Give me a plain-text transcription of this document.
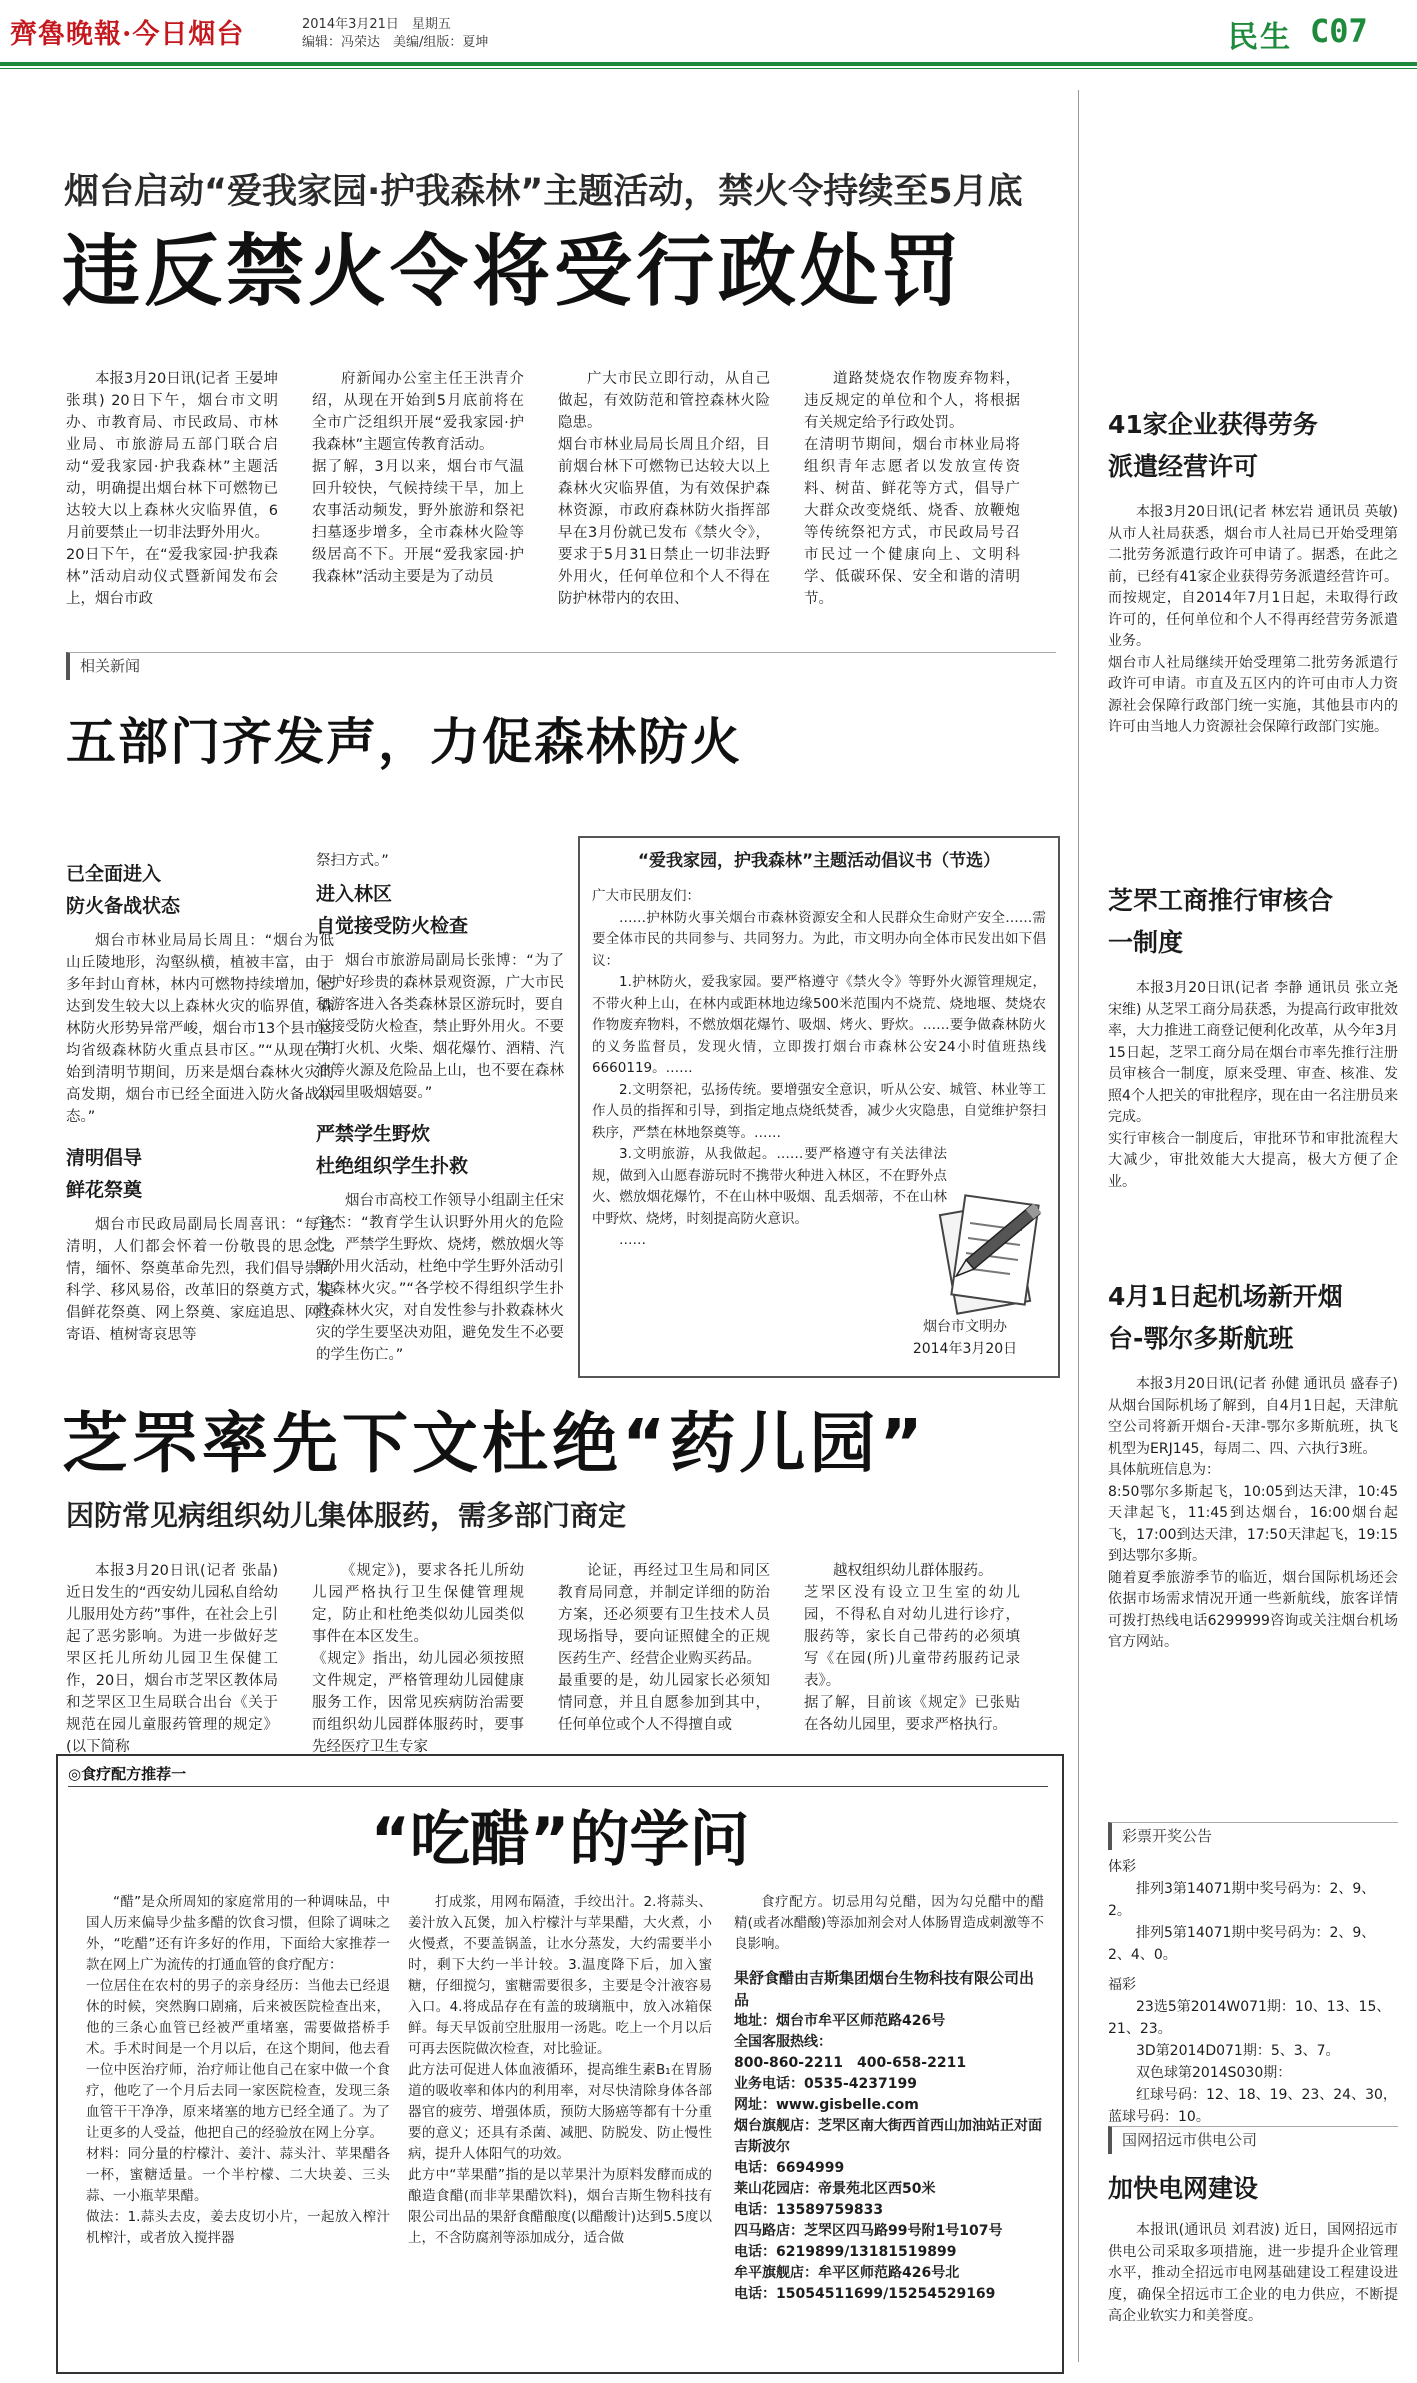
齊魯晚報·今日烟台	2014年3月21日　星期五
编辑：冯荣达　美编/组版：夏坤	民生 C07
烟台启动“爱我家园·护我森林”主题活动，禁火令持续至5月底
违反禁火令将受行政处罚
本报3月20日讯(记者 王晏坤 张琪) 20日下午，烟台市文明办、市教育局、市民政局、市林业局、市旅游局五部门联合启动“爱我家园·护我森林”主题活动，明确提出烟台林下可燃物已达较大以上森林火灾临界值，6月前要禁止一切非法野外用火。
20日下午，在“爱我家园·护我森林”活动启动仪式暨新闻发布会上，烟台市政
府新闻办公室主任王洪青介绍，从现在开始到5月底前将在全市广泛组织开展“爱我家园·护我森林”主题宣传教育活动。
据了解，3月以来，烟台市气温回升较快，气候持续干旱，加上农事活动频发，野外旅游和祭祀扫墓逐步增多，全市森林火险等级居高不下。开展“爱我家园·护我森林”活动主要是为了动员
广大市民立即行动，从自己做起，有效防范和管控森林火险隐患。
烟台市林业局局长周且介绍，目前烟台林下可燃物已达较大以上森林火灾临界值，为有效保护森林资源，市政府森林防火指挥部早在3月份就已发布《禁火令》，要求于5月31日禁止一切非法野外用火，任何单位和个人不得在防护林带内的农田、
道路焚烧农作物废弃物料，违反规定的单位和个人，将根据有关规定给予行政处罚。
在清明节期间，烟台市林业局将组织青年志愿者以发放宣传资料、树苗、鲜花等方式，倡导广大群众改变烧纸、烧香、放鞭炮等传统祭祀方式，市民政局号召市民过一个健康向上、文明科学、低碳环保、安全和谐的清明节。
相关新闻
五部门齐发声，力促森林防火
已全面进入
防火备战状态
烟台市林业局局长周且：“烟台为低山丘陵地形，沟壑纵横，植被丰富，由于多年封山育林，林内可燃物持续增加，已达到发生较大以上森林火灾的临界值，森林防火形势异常严峻，烟台市13个县市区均省级森林防火重点县市区。”“从现在开始到清明节期间，历来是烟台森林火灾的高发期，烟台市已经全面进入防火备战状态。”
清明倡导
鲜花祭奠
烟台市民政局副局长周喜讯：“每逢清明，人们都会怀着一份敬畏的思念之情，缅怀、祭奠革命先烈，我们倡导崇尚科学、移风易俗，改革旧的祭奠方式，提倡鲜花祭奠、网上祭奠、家庭追思、网上寄语、植树寄哀思等
祭扫方式。”
进入林区
自觉接受防火检查
烟台市旅游局副局长张博：“为了保护好珍贵的森林景观资源，广大市民和游客进入各类森林景区游玩时，要自觉接受防火检查，禁止野外用火。不要带打火机、火柴、烟花爆竹、酒精、汽油等火源及危险品上山，也不要在森林公园里吸烟嬉耍。”
严禁学生野炊
杜绝组织学生扑救
烟台市高校工作领导小组副主任宋宇杰：“教育学生认识野外用火的危险性，严禁学生野炊、烧烤，燃放烟火等野外用火活动，杜绝中学生野外活动引发森林火灾。”“各学校不得组织学生扑救森林火灾，对自发性参与扑救森林火灾的学生要坚决劝阻，避免发生不必要的学生伤亡。”
“爱我家园，护我森林”主题活动倡议书（节选）
广大市民朋友们：
……护林防火事关烟台市森林资源安全和人民群众生命财产安全……需要全体市民的共同参与、共同努力。为此，市文明办向全体市民发出如下倡议：
1.护林防火，爱我家园。要严格遵守《禁火令》等野外火源管理规定，不带火种上山，在林内或距林地边缘500米范围内不烧荒、烧地堰、焚烧农作物废弃物料，不燃放烟花爆竹、吸烟、烤火、野炊。……要争做森林防火的义务监督员，发现火情，立即拨打烟台市森林公安24小时值班热线6660119。……
2.文明祭祀，弘扬传统。要增强安全意识，听从公安、城管、林业等工作人员的指挥和引导，到指定地点烧纸焚香，减少火灾隐患，自觉维护祭扫秩序，严禁在林地祭奠等。……
3.文明旅游，从我做起。……要严格遵守有关法律法规，做到入山愿春游玩时不携带火种进入林区，不在野外点火、燃放烟花爆竹，不在山林中吸烟、乱丢烟蒂，不在山林中野炊、烧烤，时刻提高防火意识。
……
烟台市文明办
2014年3月20日
芝罘率先下文杜绝“药儿园”
因防常见病组织幼儿集体服药，需多部门商定
本报3月20日讯(记者 张晶) 近日发生的“西安幼儿园私自给幼儿服用处方药”事件，在社会上引起了恶劣影响。为进一步做好芝罘区托儿所幼儿园卫生保健工作，20日，烟台市芝罘区教体局和芝罘区卫生局联合出台《关于规范在园儿童服药管理的规定》(以下简称
《规定》)，要求各托儿所幼儿园严格执行卫生保健管理规定，防止和杜绝类似幼儿园类似事件在本区发生。
《规定》指出，幼儿园必须按照文件规定，严格管理幼儿园健康服务工作，因常见疾病防治需要而组织幼儿园群体服药时，要事先经医疗卫生专家
论证，再经过卫生局和同区教育局同意，并制定详细的防治方案，还必须要有卫生技术人员现场指导，要向证照健全的正规医药生产、经营企业购买药品。
最重要的是，幼儿园家长必须知情同意，并且自愿参加到其中，任何单位或个人不得擅自或
越权组织幼儿群体服药。
芝罘区没有设立卫生室的幼儿园，不得私自对幼儿进行诊疗，服药等，家长自己带药的必须填写《在园(所)儿童带药服药记录表》。
据了解，目前该《规定》已张贴在各幼儿园里，要求严格执行。
◎食疗配方推荐一
“吃醋”的学问
“醋”是众所周知的家庭常用的一种调味品，中国人历来偏导少盐多醋的饮食习惯，但除了调味之外，“吃醋”还有许多好的作用，下面给大家推荐一款在网上广为流传的打通血管的食疗配方：
一位居住在农村的男子的亲身经历：当他去已经退休的时候，突然胸口剧痛，后来被医院检查出来，他的三条心血管已经被严重堵塞，需要做搭桥手术。手术时间是一个月以后，在这个期间，他去看一位中医治疗师，治疗师让他自己在家中做一个食疗，他吃了一个月后去同一家医院检查，发现三条血管干干净净，原来堵塞的地方已经全通了。为了让更多的人受益，他把自己的经验放在网上分享。
材料：同分量的柠檬汁、姜汁、蒜头汁、苹果醋各一杯，蜜糖适量。一个半柠檬、二大块姜、三头蒜、一小瓶苹果醋。
做法：1.蒜头去皮，姜去皮切小片，一起放入榨汁机榨汁，或者放入搅拌器
打成浆，用网布隔渣，手绞出汁。2.将蒜头、姜汁放入瓦煲，加入柠檬汁与苹果醋，大火煮，小火慢煮，不要盖锅盖，让水分蒸发，大约需要半小时，剩下大约一半计较。3.温度降下后，加入蜜糖，仔细搅匀，蜜糖需要很多，主要是令汁液容易入口。4.将成品存在有盖的玻璃瓶中，放入冰箱保鲜。每天早饭前空肚服用一汤匙。吃上一个月以后可再去医院做次检查，对比验证。
此方法可促进人体血液循环，提高维生素B₁在胃肠道的吸收率和体内的利用率，对尽快清除身体各部器官的疲劳、增强体质，预防大肠癌等都有十分重要的意义；还具有杀菌、减肥、防脱发、防止慢性病，提升人体阳气的功效。
此方中“苹果醋”指的是以苹果汁为原料发酵而成的酿造食醋(而非苹果醋饮料)，烟台吉斯生物科技有限公司出品的果舒食醋酿度(以醋酸计)达到5.5度以上，不含防腐剂等添加成分，适合做
食疗配方。切忌用勾兑醋，因为勾兑醋中的醋精(或者冰醋酸)等添加剂会对人体肠胃造成刺激等不良影响。
果舒食醋由吉斯集团烟台生物科技有限公司出品
地址：烟台市牟平区师范路426号
全国客服热线：
800-860-2211　400-658-2211
业务电话：0535-4237199
网址：www.gisbelle.com
烟台旗舰店：芝罘区南大街西首西山加油站正对面吉斯波尔
电话：6694999
莱山花园店：帝景苑北区西50米
电话：13589759833
四马路店：芝罘区四马路99号附1号107号
电话：6219899/13181519899
牟平旗舰店：牟平区师范路426号北
电话：15054511699/15254529169
41家企业获得劳务派遣经营许可
本报3月20日讯(记者 林宏岩 通讯员 英敏) 从市人社局获悉，烟台市人社局已开始受理第二批劳务派遣行政许可申请了。据悉，在此之前，已经有41家企业获得劳务派遣经营许可。而按规定，自2014年7月1日起，未取得行政许可的，任何单位和个人不得再经营劳务派遣业务。
烟台市人社局继续开始受理第二批劳务派遣行政许可申请。市直及五区内的许可由市人力资源社会保障行政部门统一实施，其他县市内的许可由当地人力资源社会保障行政部门实施。
芝罘工商推行审核合一制度
本报3月20日讯(记者 李静 通讯员 张立尧 宋维) 从芝罘工商分局获悉，为提高行政审批效率，大力推进工商登记便利化改革，从今年3月15日起，芝罘工商分局在烟台市率先推行注册员审核合一制度，原来受理、审查、核准、发照4个人把关的审批程序，现在由一名注册员来完成。
实行审核合一制度后，审批环节和审批流程大大减少，审批效能大大提高，极大方便了企业。
4月1日起机场新开烟台-鄂尔多斯航班
本报3月20日讯(记者 孙健 通讯员 盛春子) 从烟台国际机场了解到，自4月1日起，天津航空公司将新开烟台-天津-鄂尔多斯航班，执飞机型为ERJ145，每周二、四、六执行3班。
具体航班信息为：
8:50鄂尔多斯起飞，10:05到达天津，10:45天津起飞，11:45到达烟台，16:00烟台起飞，17:00到达天津，17:50天津起飞，19:15到达鄂尔多斯。
随着夏季旅游季节的临近，烟台国际机场还会依据市场需求情况开通一些新航线，旅客详情可拨打热线电话6299999咨询或关注烟台机场官方网站。
彩票开奖公告
体彩
排列3第14071期中奖号码为：2、9、2。
排列5第14071期中奖号码为：2、9、2、4、0。
福彩
23选5第2014W071期：10、13、15、21、23。
3D第2014D071期：5、3、7。
双色球第2014S030期：
红球号码：12、18、19、23、24、30，蓝球号码：10。
国网招远市供电公司
加快电网建设
本报讯(通讯员 刘君波) 近日，国网招远市供电公司采取多项措施，进一步提升企业管理水平，推动全招远市电网基础建设工程建设进度，确保全招远市工企业的电力供应，不断提高企业软实力和美誉度。
